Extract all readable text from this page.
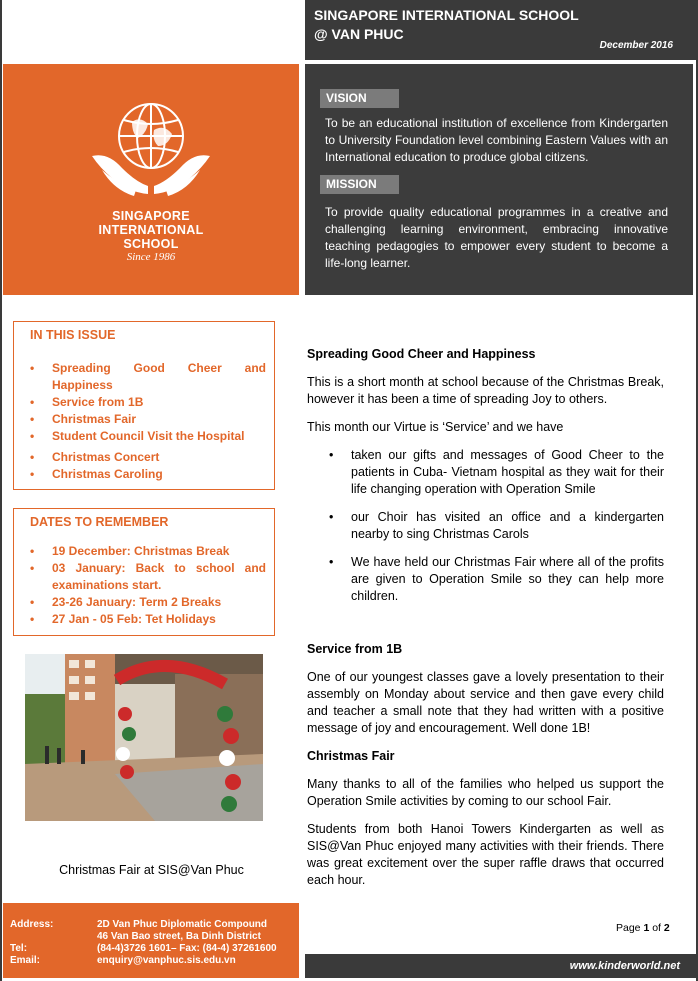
SINGAPORE INTERNATIONAL SCHOOL
@ VAN PHUC
December 2016
SINGAPORE
INTERNATIONAL
SCHOOL
Since 1986
VISION
To be an educational institution of excellence from Kindergarten to University Foundation level combining Eastern Values with an International education to produce global citizens.
MISSION
To provide quality educational programmes in a creative and challenging learning environment, embracing innovative teaching pedagogies to empower every student to become a life-long learner.
IN THIS ISSUE
• Spreading Good Cheer and Happiness
• Service from 1B
• Christmas Fair
• Student Council Visit the Hospital
• Christmas Concert
• Christmas Caroling
DATES TO REMEMBER
• 19 December: Christmas Break
• 03 January: Back to school and examinations start.
• 23-26 January: Term 2 Breaks
• 27 Jan - 05 Feb: Tet Holidays
Christmas Fair at SIS@Van Phuc
Address:	2D Van Phuc Diplomatic Compound
46 Van Bao street, Ba Dinh District
Tel:	(84-4)3726 1601– Fax: (84-4) 37261600
Email:	enquiry@vanphuc.sis.edu.vn
Spreading Good Cheer and Happiness

This is a short month at school because of the Christmas Break, however it has been a time of spreading Joy to others.

This month our Virtue is ‘Service’ and we have

• taken our gifts and messages of Good Cheer to the patients in Cuba- Vietnam hospital as they wait for their life changing operation with Operation Smile
• our Choir has visited an office and a kindergarten nearby to sing Christmas Carols
• We have held our Christmas Fair where all of the profits are given to Operation Smile so they can help more children.
Service from 1B

One of our youngest classes gave a lovely presentation to their assembly on Monday about service and then gave every child and teacher a small note that they had written with a positive message of joy and encouragement. Well done 1B!

Christmas Fair

Many thanks to all of the families who helped us support the Operation Smile activities by coming to our school Fair.

Students from both Hanoi Towers Kindergarten as well as SIS@Van Phuc enjoyed many activities with their friends. There was great excitement over the super raffle draws that occurred each hour.

Page 1 of 2
www.kinderworld.net
